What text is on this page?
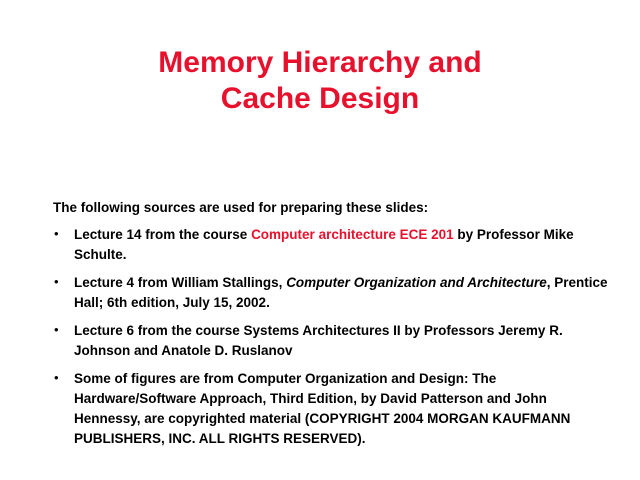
Memory Hierarchy and
Cache Design

The following sources are used for preparing these slides:

• Lecture 14 from the course Computer architecture ECE 201 by Professor Mike Schulte.
• Lecture 4 from William Stallings, Computer Organization and Architecture, Prentice Hall; 6th edition, July 15, 2002.
• Lecture 6 from the course Systems Architectures II by Professors Jeremy R. Johnson and Anatole D. Ruslanov
• Some of figures are from Computer Organization and Design: The Hardware/Software Approach, Third Edition, by David Patterson and John Hennessy, are copyrighted material (COPYRIGHT 2004 MORGAN KAUFMANN PUBLISHERS, INC. ALL RIGHTS RESERVED).
